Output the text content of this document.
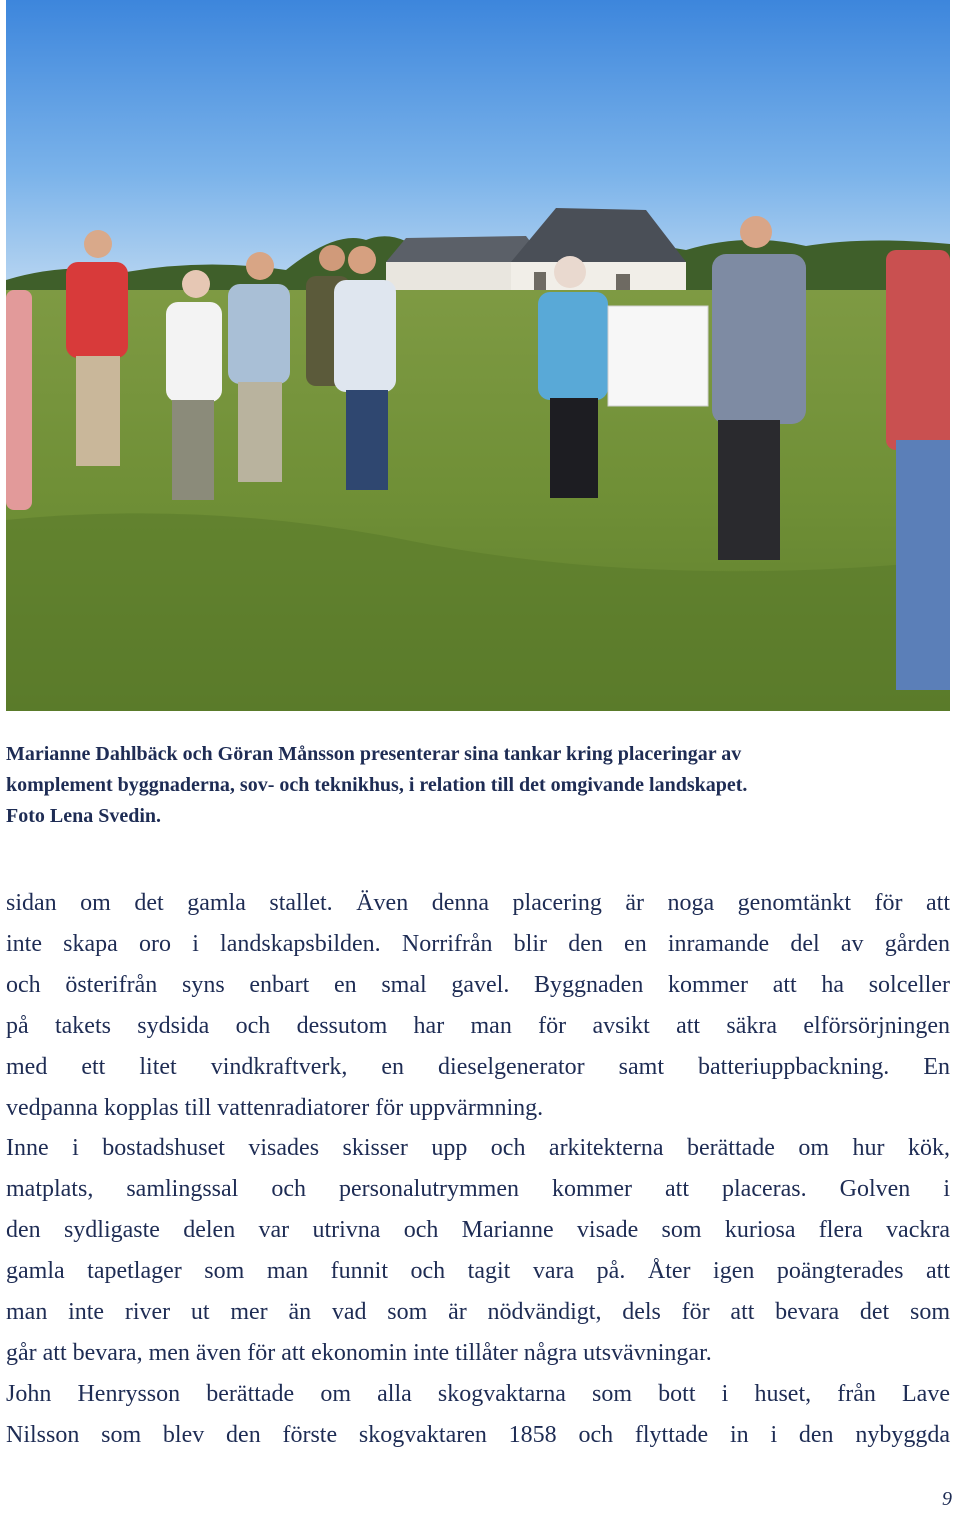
Marianne Dahlbäck och Göran Månsson presenterar sina tankar kring placeringar av
komplement byggnaderna, sov- och teknikhus, i relation till det omgivande landskapet.
Foto Lena Svedin.

sidan om det gamla stallet. Även denna placering är noga genomtänkt för att
inte skapa oro i landskapsbilden. Norrifrån blir den en inramande del av gården
och österifrån syns enbart en smal gavel. Byggnaden kommer att ha solceller
på takets sydsida och dessutom har man för avsikt att säkra elförsörjningen
med ett litet vindkraftverk, en dieselgenerator samt batteriuppbackning. En
vedpanna kopplas till vattenradiatorer för uppvärmning.
Inne i bostadshuset visades skisser upp och arkitekterna berättade om hur kök,
matplats, samlingssal och personalutrymmen kommer att placeras. Golven i
den sydligaste delen var utrivna och Marianne visade som kuriosa flera vackra
gamla tapetlager som man funnit och tagit vara på. Åter igen poängterades att
man inte river ut mer än vad som är nödvändigt, dels för att bevara det som
går att bevara, men även för att ekonomin inte tillåter några utsvävningar.
John Henrysson berättade om alla skogvaktarna som bott i huset, från Lave
Nilsson som blev den förste skogvaktaren 1858 och flyttade in i den nybyggda
9
